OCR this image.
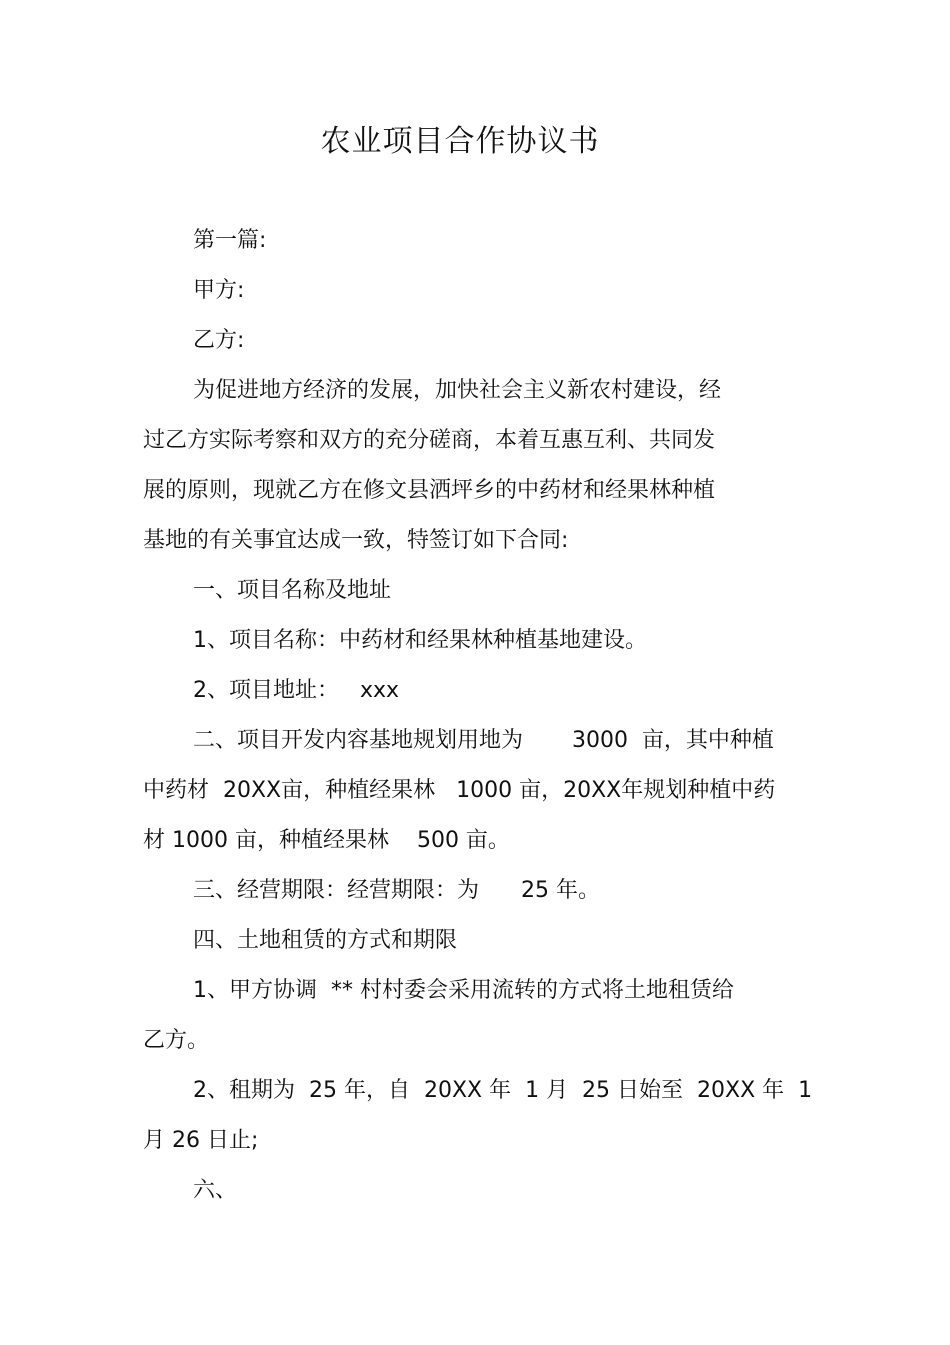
农业项目合作协议书
第一篇:
甲方:
乙方:
为促进地方经济的发展，加快社会主义新农村建设，经
过乙方实际考察和双方的充分磋商，本着互惠互利、共同发
展的原则，现就乙方在修文县洒坪乡的中药材和经果林种植
基地的有关事宜达成一致，特签订如下合同:
一、项目名称及地址
1、项目名称：中药材和经果林种植基地建设。
2、项目地址：   xxx
二、项目开发内容基地规划用地为       3000  亩，其中种植
中药材  20XX亩，种植经果林   1000 亩，20XX年规划种植中药
材 1000 亩，种植经果林    500 亩。
三、经营期限：经营期限：为      25 年。
四、土地租赁的方式和期限
1、甲方协调  ** 村村委会采用流转的方式将土地租赁给
乙方。
2、租期为  25 年，自  20XX 年  1 月  25 日始至  20XX 年  1
月 26 日止;
六、
